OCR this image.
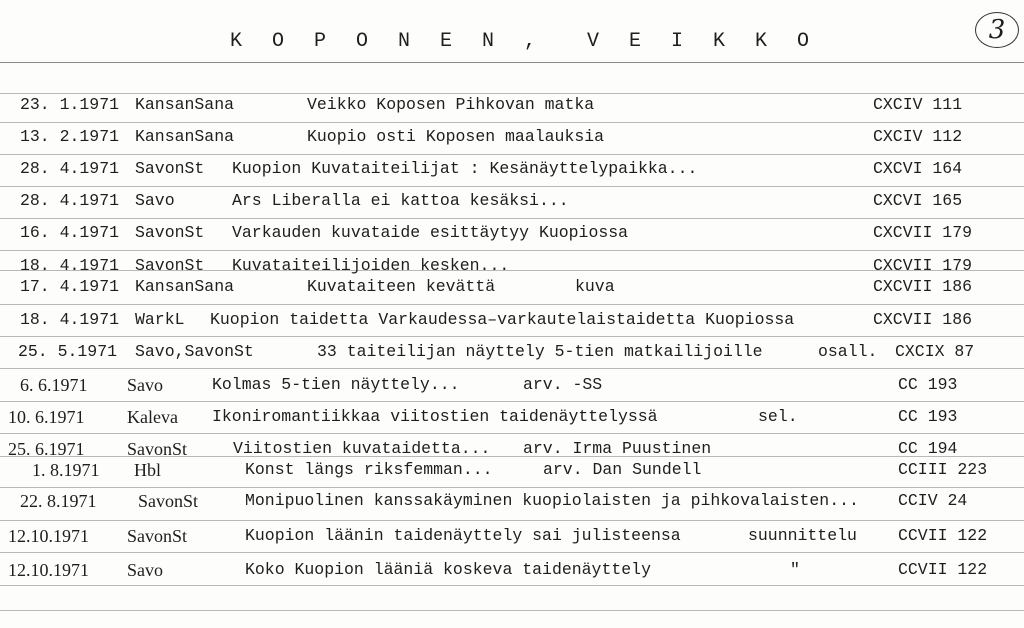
K O P O N E N ,  V E I K K O	3
23. 1.1971 KansanSana	Veikko Koposen Pihkovan matka	CXCIV 111
13. 2.1971 KansanSana	Kuopio osti Koposen maalauksia	CXCIV 112
28. 4.1971 SavonSt Kuopion Kuvataiteilijat : Kesänäyttelypaikka...	CXCVI 164
28. 4.1971 Savo	Ars Liberalla ei kattoa kesäksi...	CXCVI 165
16. 4.1971 SavonSt Varkauden kuvataide esittäytyy Kuopiossa	CXCVII 179
18. 4.1971 SavonSt Kuvataiteilijoiden kesken...	CXCVII 179
17. 4.1971 KansanSana	Kuvataiteen kevättä	kuva	CXCVII 186
18. 4.1971 WarkL Kuopion taidetta Varkaudessa–varkautelaistaidetta Kuopiossa	CXCVII 186
25. 5.1971 Savo,SavonSt	33 taiteilijan näyttely 5-tien matkailijoille	osall. CXCIX 87
6. 6.1971 Savo	Kolmas 5-tien näyttely...	arv. -SS	CC 193
10. 6.1971 Kaleva Ikoniromantiikkaa viitostien taidenäyttelyssä	sel.	CC 193
25. 6.1971 SavonSt	Viitostien kuvataidetta... arv. Irma Puustinen	CC 194
1. 8.1971 Hbl	Konst längs riksfemman...	arv. Dan Sundell	CCIII 223
22. 8.1971 SavonSt	Monipuolinen kanssakäyminen kuopiolaisten ja pihkovalaisten... CCIV 24
12.10.1971 SavonSt	Kuopion läänin taidenäyttely sai julisteensa	suunnittelu CCVII 122
12.10.1971 Savo	Koko Kuopion lääniä koskeva taidenäyttely	"	CCVII 122
